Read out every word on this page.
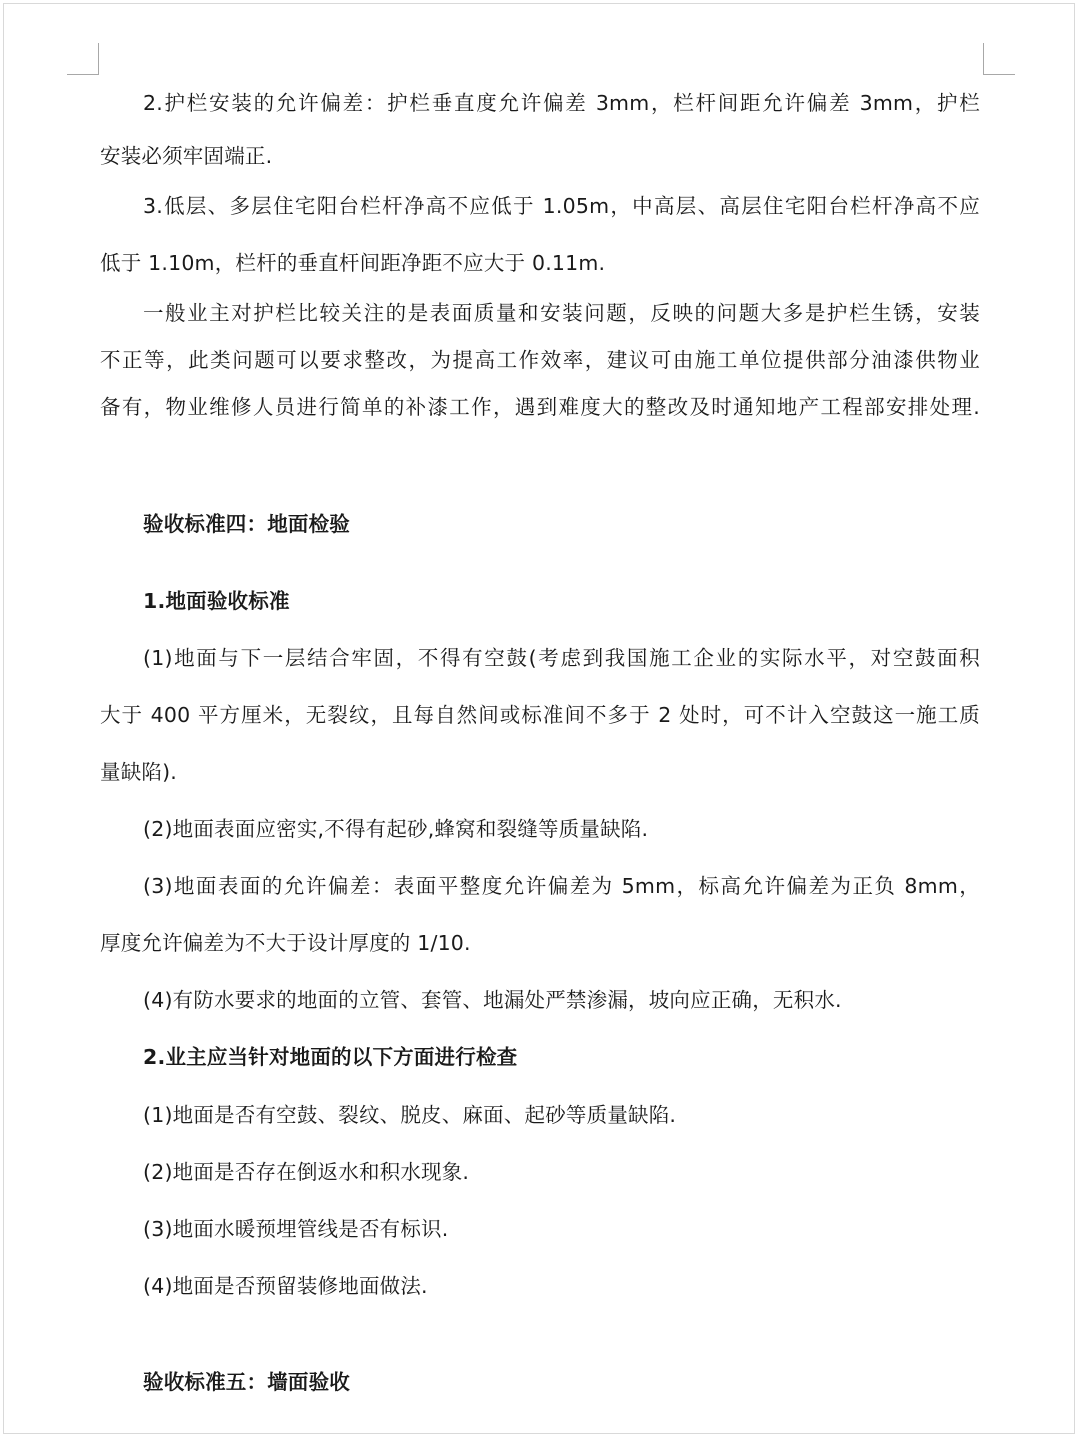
2.护栏安装的允许偏差：护栏垂直度允许偏差 3mm，栏杆间距允许偏差 3mm，护栏
安装必须牢固端正.
3.低层、多层住宅阳台栏杆净高不应低于 1.05m，中高层、高层住宅阳台栏杆净高不应
低于 1.10m，栏杆的垂直杆间距净距不应大于 0.11m.
一般业主对护栏比较关注的是表面质量和安装问题，反映的问题大多是护栏生锈，安装
不正等，此类问题可以要求整改，为提高工作效率，建议可由施工单位提供部分油漆供物业
备有，物业维修人员进行简单的补漆工作，遇到难度大的整改及时通知地产工程部安排处理.
验收标准四：地面检验
1.地面验收标准
(1)地面与下一层结合牢固，不得有空鼓(考虑到我国施工企业的实际水平，对空鼓面积
大于 400 平方厘米，无裂纹，且每自然间或标准间不多于 2 处时，可不计入空鼓这一施工质
量缺陷).
(2)地面表面应密实,不得有起砂,蜂窝和裂缝等质量缺陷.
(3)地面表面的允许偏差：表面平整度允许偏差为 5mm，标高允许偏差为正负 8mm，
厚度允许偏差为不大于设计厚度的 1/10.
(4)有防水要求的地面的立管、套管、地漏处严禁渗漏，坡向应正确，无积水.
2.业主应当针对地面的以下方面进行检查
(1)地面是否有空鼓、裂纹、脱皮、麻面、起砂等质量缺陷.
(2)地面是否存在倒返水和积水现象.
(3)地面水暖预埋管线是否有标识.
(4)地面是否预留装修地面做法.
验收标准五：墙面验收
